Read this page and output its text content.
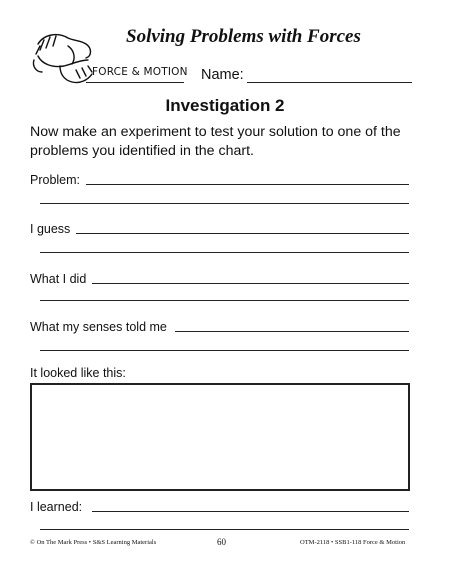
Solving Problems with Forces
FORCE & MOTION Name:
Investigation 2
Now make an experiment to test your solution to one of the problems you identified in the chart.
Problem:
I guess
What I did
What my senses told me
It looked like this:
I learned:
© On The Mark Press • S&S Learning Materials	60	OTM-2118 • SSB1-118 Force & Motion
